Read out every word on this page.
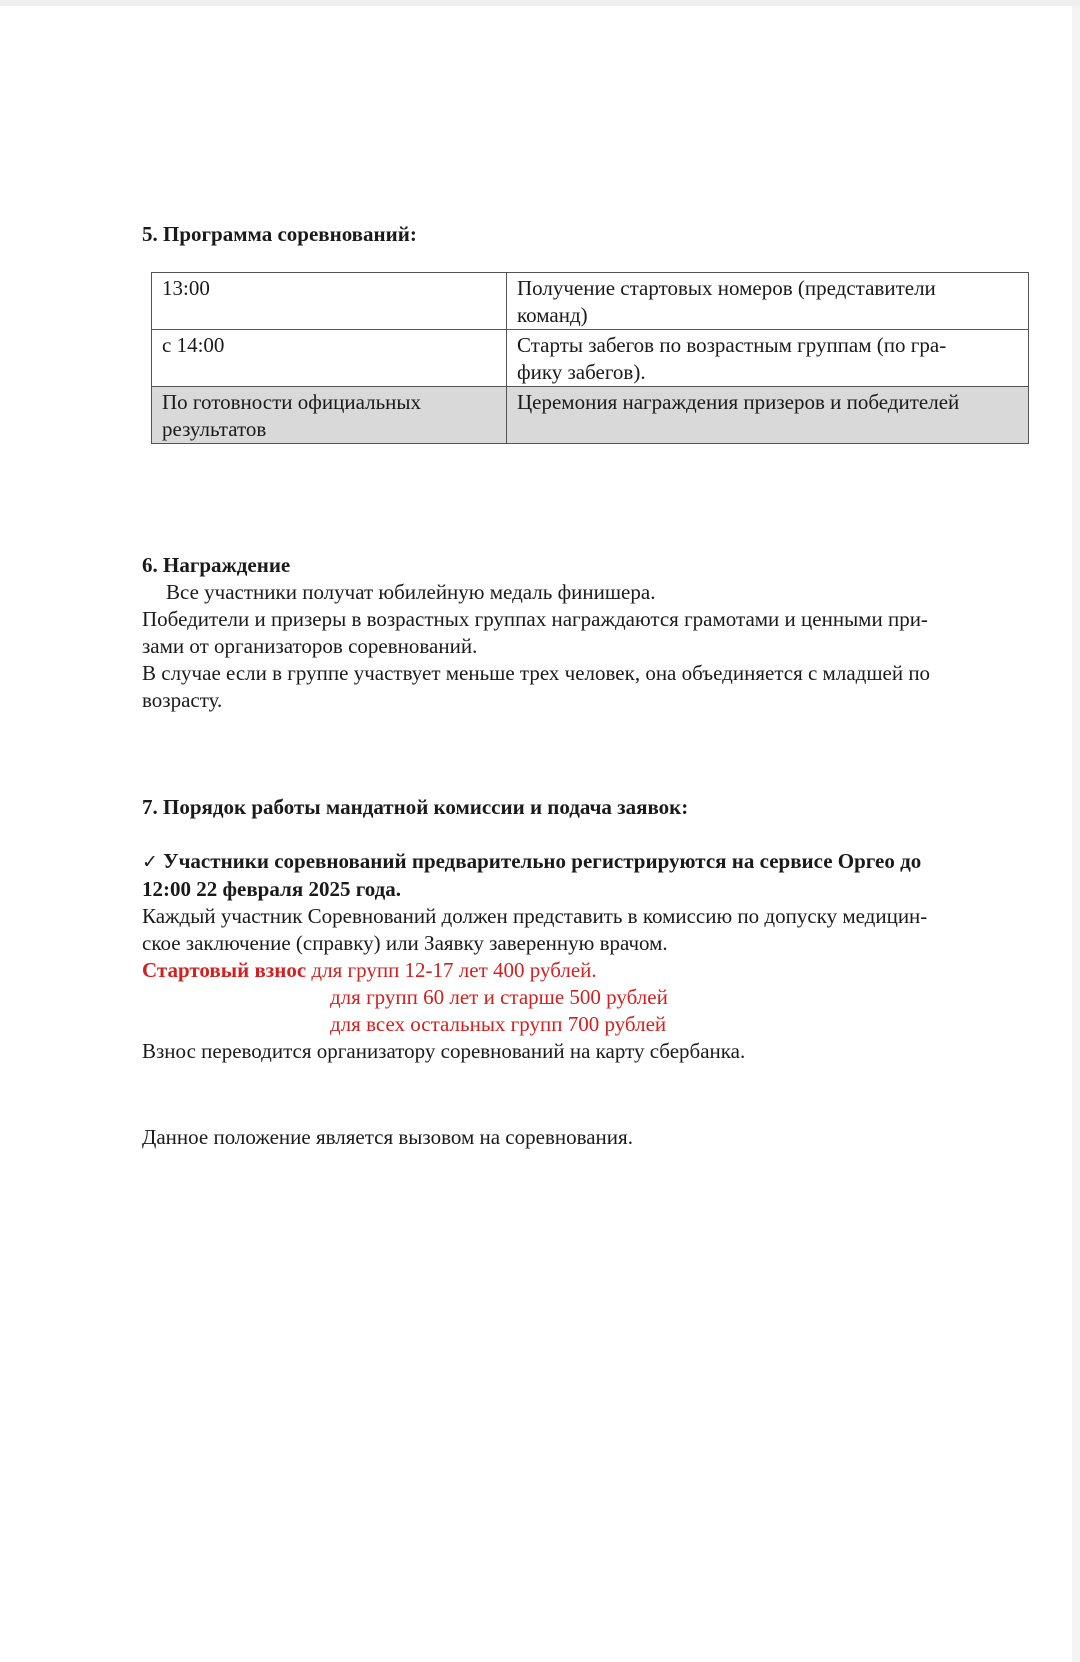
5. Программа соревнований:
13:00	Получение стартовых номеров (представители
команд)
с 14:00	Старты забегов по возрастным группам (по гра-
фику забегов).
По готовности официальных
результатов	Церемония награждения призеров и победителей

6. Награждение

Все участники получат юбилейную медаль финишера.

Победители и призеры в возрастных группах награждаются грамотами и ценными при-
зами от организаторов соревнований.

В случае если в группе участвует меньше трех человек, она объединяется с младшей по
возрасту.

7. Порядок работы мандатной комиссии и подача заявок:

✓ Участники соревнований предварительно регистрируются на сервисе Оргео до
12:00 22 февраля 2025 года.

Каждый участник Соревнований должен представить в комиссию по допуску медицин-
ское заключение (справку) или Заявку заверенную врачом.

Стартовый взнос для групп 12-17 лет 400 рублей.

для групп 60 лет и старше 500 рублей

для всех остальных групп 700 рублей

Взнос переводится организатору соревнований на карту сбербанка.

Данное положение является вызовом на соревнования.
